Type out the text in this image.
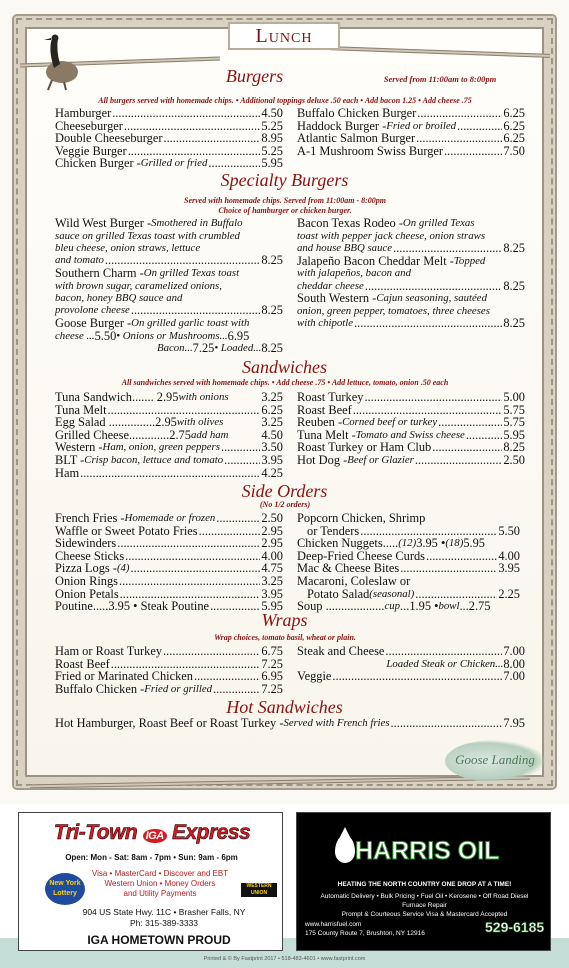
Lunch
Burgers	Served from 11:00am to 8:00pm
All burgers served with homemade chips. • Additional toppings deluxe .50 each • Add bacon 1.25 • Add cheese .75
Hamburger .....	4.50
Cheeseburger .....	5.25
Double Cheeseburger .....	8.95
Veggie Burger .....	5.25
Chicken Burger - Grilled or fried .....	5.95
Buffalo Chicken Burger .....	6.25
Haddock Burger - Fried or broiled .....	6.25
Atlantic Salmon Burger .....	6.25
A-1 Mushroom Swiss Burger .....	7.50
Specialty Burgers
Served with homemade chips. Served from 11:00am - 8:00pm
Choice of hamburger or chicken burger.
Wild West Burger - Smothered in Buffalo
sauce on grilled Texas toast with crumbled
bleu cheese, onion straws, lettuce
and tomato .....	8.25
Southern Charm - On grilled Texas toast
with brown sugar, caramelized onions,
bacon, honey BBQ sauce and
provolone cheese .....	8.25
Goose Burger - On grilled garlic toast with
cheese ... 5.50 • Onions or Mushrooms... 6.95
Bacon... 7.25 • Loaded... 8.25
Bacon Texas Rodeo - On grilled Texas
toast with pepper jack cheese, onion straws
and house BBQ sauce .....	8.25
Jalapeño Bacon Cheddar Melt - Topped
with jalapeños, bacon and
cheddar cheese .....	8.25
South Western - Cajun seasoning, sautéed
onion, green pepper, tomatoes, three cheeses
with chipotle .....	8.25
Sandwiches
All sandwiches served with homemade chips. • Add cheese .75 • Add lettuce, tomato, onion .50 each
Tuna Sandwich....... 2.95 with onions	3.25
Tuna Melt .....	6.25
Egg Salad ...............2.95 with olives	3.25
Grilled Cheese.............2.75 add ham	4.50
Western - Ham, onion, green peppers .....	3.50
BLT - Crisp bacon, lettuce and tomato .....	3.95
Ham .....	4.25
Roast Turkey .....	5.00
Roast Beef .....	5.75
Reuben - Corned beef or turkey .....	5.75
Tuna Melt - Tomato and Swiss cheese .....	5.95
Roast Turkey or Ham Club .....	8.25
Hot Dog - Beef or Glazier .....	2.50
Side Orders
(No 1/2 orders)
French Fries - Homemade or frozen .....	2.50
Waffle or Sweet Potato Fries .....	2.95
Sidewinders .....	2.95
Cheese Sticks .....	4.00
Pizza Logs - (4) .....	4.75
Onion Rings .....	3.25
Onion Petals .....	3.95
Poutine.....3.95 • Steak Poutine .....	5.95
Popcorn Chicken, Shrimp
or Tenders .....	5.50
Chicken Nuggets..... (12) 3.95 • (18) 5.95
Deep-Fried Cheese Curds .....	4.00
Mac & Cheese Bites .....	3.95
Macaroni, Coleslaw or
Potato Salad (seasonal) .....	2.25
Soup ................... cup ...1.95 • bowl ...2.75
Wraps
Wrap choices, tomato basil, wheat or plain.
Ham or Roast Turkey .....	6.75
Roast Beef .....	7.25
Fried or Marinated Chicken .....	6.95
Buffalo Chicken - Fried or grilled .....	7.25
Steak and Cheese .....	7.00
Loaded Steak or Chicken... 8.00
Veggie .....	7.00
Hot Sandwiches
Hot Hamburger, Roast Beef or Roast Turkey - Served with French fries .....	7.95
Goose Landing
Tri-Town IGA Express
Open: Mon - Sat: 8am - 7pm • Sun: 9am - 6pm
New York Lottery
Visa • MasterCard • Discover and EBT
Western Union • Money Orders
and Utility Payments
WESTERN UNION
904 US State Hwy. 11C • Brasher Falls, NY
Ph: 315-389-3333
IGA HOMETOWN PROUD
HARRIS OIL
HEATING THE NORTH COUNTRY ONE DROP AT A TIME!
Automatic Delivery • Bulk Pricing • Fuel Oil • Kerosene • Off Road Diesel
Furnace Repair
Prompt & Courteous Service Visa & Mastercard Accepted
www.harrisfuel.com
175 County Route 7, Brushton, NY 12916	529-6185
Printed & © By Fastprint 2017 • 518-483-4601 • www.fastprint.com
